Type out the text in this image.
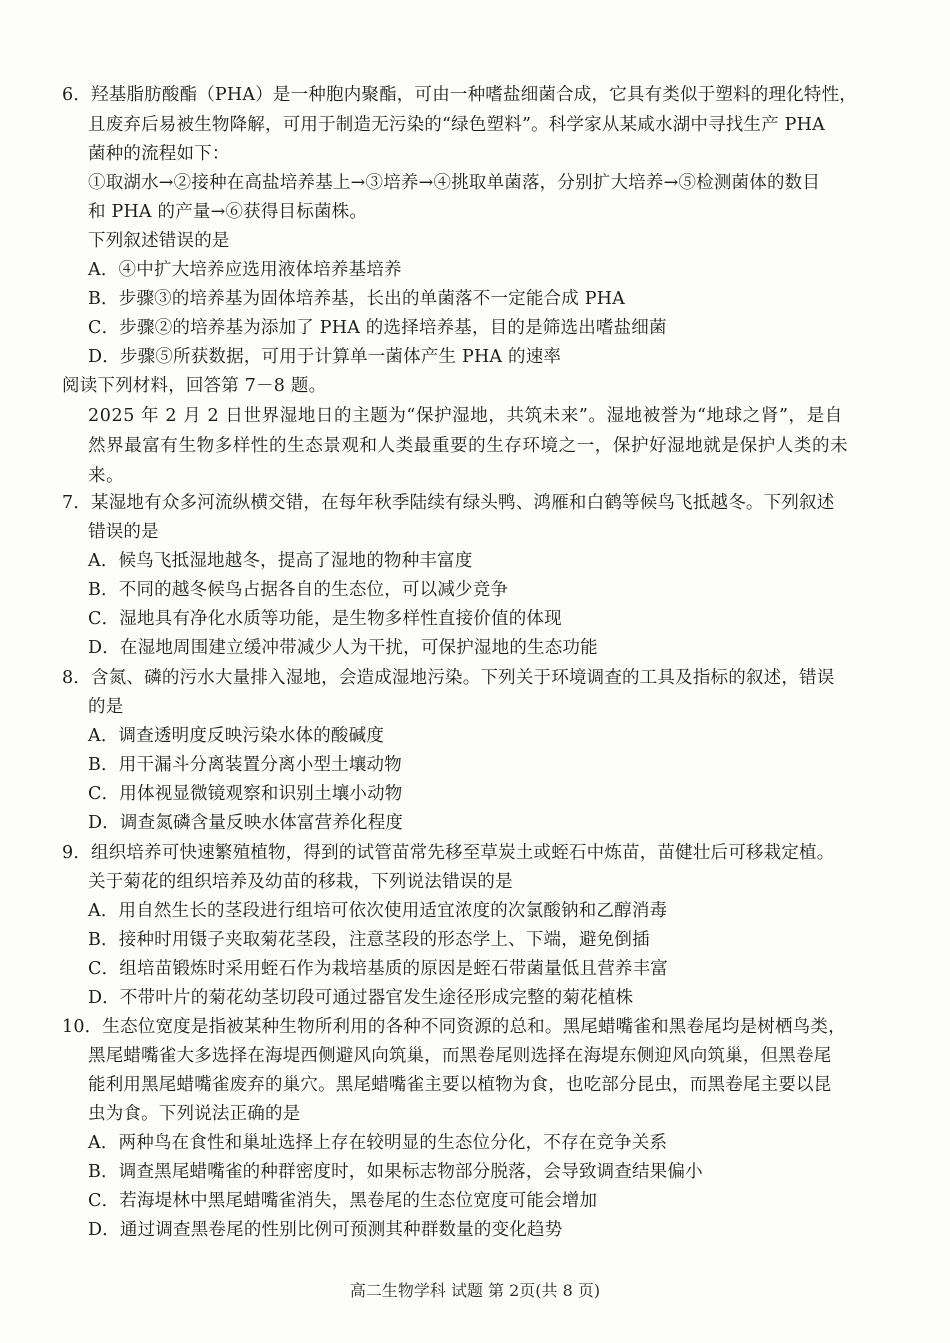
6．羟基脂肪酸酯（PHA）是一种胞内聚酯，可由一种嗜盐细菌合成，它具有类似于塑料的理化特性，
且废弃后易被生物降解，可用于制造无污染的“绿色塑料”。科学家从某咸水湖中寻找生产 PHA
菌种的流程如下：
①取湖水→②接种在高盐培养基上→③培养→④挑取单菌落，分别扩大培养→⑤检测菌体的数目
和 PHA 的产量→⑥获得目标菌株。
下列叙述错误的是
A．④中扩大培养应选用液体培养基培养
B．步骤③的培养基为固体培养基，长出的单菌落不一定能合成 PHA
C．步骤②的培养基为添加了 PHA 的选择培养基，目的是筛选出嗜盐细菌
D．步骤⑤所获数据，可用于计算单一菌体产生 PHA 的速率
阅读下列材料，回答第 7－8 题。
2025 年 2 月 2 日世界湿地日的主题为“保护湿地，共筑未来”。湿地被誉为“地球之肾”，是自
然界最富有生物多样性的生态景观和人类最重要的生存环境之一，保护好湿地就是保护人类的未
来。
7．某湿地有众多河流纵横交错，在每年秋季陆续有绿头鸭、鸿雁和白鹤等候鸟飞抵越冬。下列叙述
错误的是
A．候鸟飞抵湿地越冬，提高了湿地的物种丰富度
B．不同的越冬候鸟占据各自的生态位，可以减少竞争
C．湿地具有净化水质等功能，是生物多样性直接价值的体现
D．在湿地周围建立缓冲带减少人为干扰，可保护湿地的生态功能
8．含氮、磷的污水大量排入湿地，会造成湿地污染。下列关于环境调查的工具及指标的叙述，错误
的是
A．调查透明度反映污染水体的酸碱度
B．用干漏斗分离装置分离小型土壤动物
C．用体视显微镜观察和识别土壤小动物
D．调查氮磷含量反映水体富营养化程度
9．组织培养可快速繁殖植物，得到的试管苗常先移至草炭土或蛭石中炼苗，苗健壮后可移栽定植。
关于菊花的组织培养及幼苗的移栽，下列说法错误的是
A．用自然生长的茎段进行组培可依次使用适宜浓度的次氯酸钠和乙醇消毒
B．接种时用镊子夹取菊花茎段，注意茎段的形态学上、下端，避免倒插
C．组培苗锻炼时采用蛭石作为栽培基质的原因是蛭石带菌量低且营养丰富
D．不带叶片的菊花幼茎切段可通过器官发生途径形成完整的菊花植株
10．生态位宽度是指被某种生物所利用的各种不同资源的总和。黑尾蜡嘴雀和黑卷尾均是树栖鸟类，
黑尾蜡嘴雀大多选择在海堤西侧避风向筑巢，而黑卷尾则选择在海堤东侧迎风向筑巢，但黑卷尾
能利用黑尾蜡嘴雀废弃的巢穴。黑尾蜡嘴雀主要以植物为食，也吃部分昆虫，而黑卷尾主要以昆
虫为食。下列说法正确的是
A．两种鸟在食性和巢址选择上存在较明显的生态位分化，不存在竞争关系
B．调查黑尾蜡嘴雀的种群密度时，如果标志物部分脱落，会导致调查结果偏小
C．若海堤林中黑尾蜡嘴雀消失，黑卷尾的生态位宽度可能会增加
D．通过调查黑卷尾的性别比例可预测其种群数量的变化趋势
高二生物学科 试题 第 2页(共 8 页)
